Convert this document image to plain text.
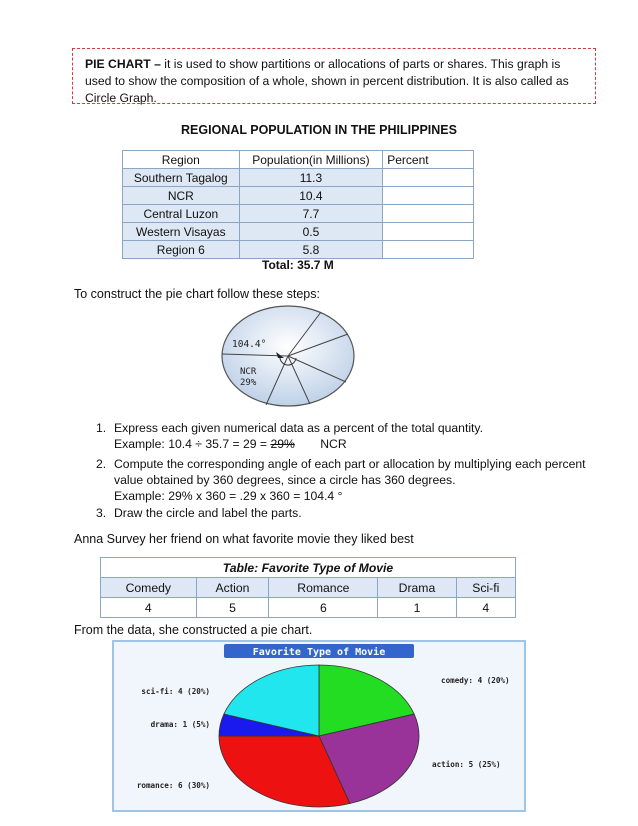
PIE CHART – it is used to show partitions or allocations of parts or shares. This graph is used to show the composition of a whole, shown in percent distribution. It is also called as Circle Graph.
REGIONAL POPULATION IN THE PHILIPPINES
Region	Population(in Millions)	Percent
Southern Tagalog	11.3	
NCR	10.4	
Central Luzon	7.7	
Western Visayas	0.5	
Region 6	5.8	
Total: 35.7 M
To construct the pie chart follow these steps:
104.4°
NCR
29%
1. Express each given numerical data as a percent of the total quantity.
Example: 10.4 ÷ 35.7 = 29 = 29% NCR
2. Compute the corresponding angle of each part or allocation by multiplying each percent
value obtained by 360 degrees, since a circle has 360 degrees.
Example: 29% x 360 = .29 x 360 = 104.4 °
3. Draw the circle and label the parts.
Anna Survey her friend on what favorite movie they liked best
Table: Favorite Type of Movie				
Comedy	Action	Romance	Drama	Sci-fi
4	5	6	1	4
From the data, she constructed a pie chart.
Favorite Type of Movie
comedy: 4 (20%)
action: 5 (25%)
romance: 6 (30%)
drama: 1 (5%)
sci-fi: 4 (20%)
